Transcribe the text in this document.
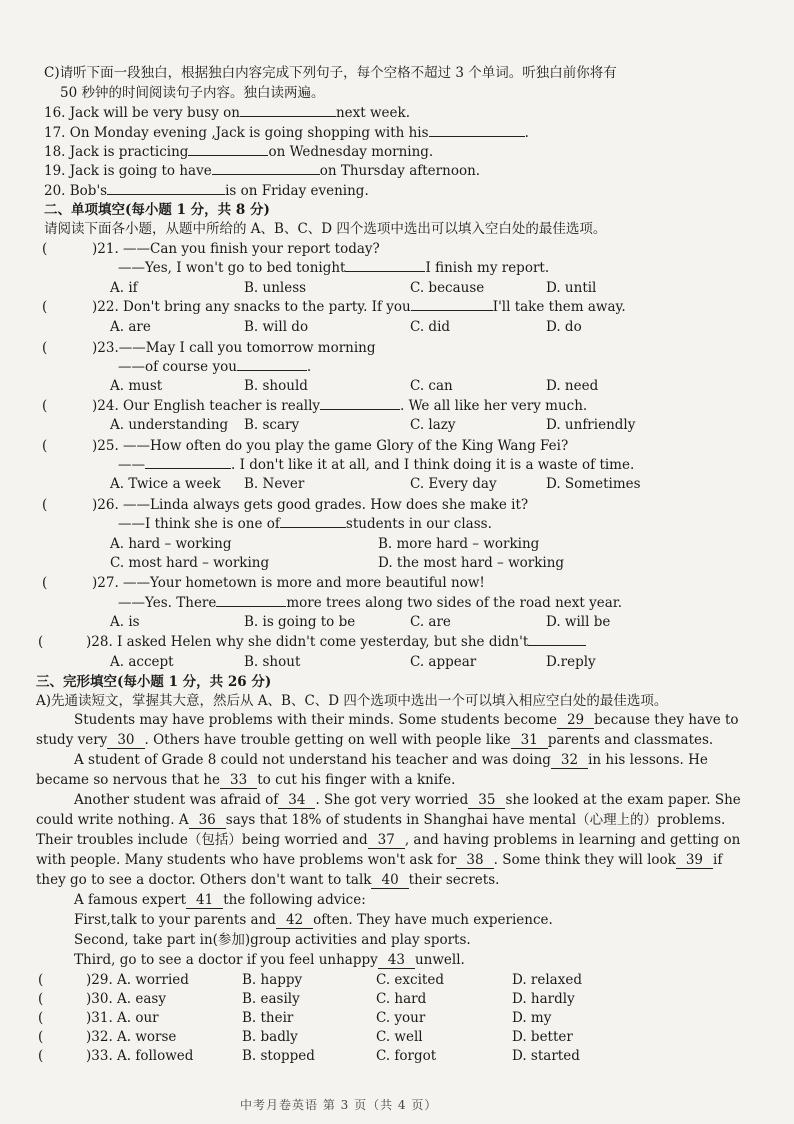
C)请听下面一段独白，根据独白内容完成下列句子，每个空格不超过 3 个单词。听独白前你将有
50 秒钟的时间阅读句子内容。独白读两遍。
16. Jack will be very busy on	next week.
17. On Monday evening ,Jack is going shopping with his	.
18. Jack is practicing	on Wednesday morning.
19. Jack is going to have	on Thursday afternoon.
20. Bob's	is on Friday evening.
二、单项填空(每小题 1 分，共 8 分)
请阅读下面各小题，从题中所给的 A、B、C、D 四个选项中选出可以填入空白处的最佳选项。
(	)21. ——Can you finish your report today?
——Yes, I won't go to bed tonight	I finish my report.
A. if	B. unless	C. because	D. until
(	)22. Don't bring any snacks to the party. If you	I'll take them away.
A. are	B. will do	C. did	D. do
(	)23.——May I call you tomorrow morning
——of course you	.
A. must	B. should	C. can	D. need
(	)24. Our English teacher is really	. We all like her very much.
A. understanding B. scary	C. lazy	D. unfriendly
(	)25. ——How often do you play the game Glory of the King Wang Fei?
——	. I don't like it at all, and I think doing it is a waste of time.
A. Twice a week B. Never	C. Every day	D. Sometimes
(	)26. ——Linda always gets good grades. How does she make it?
——I think she is one of	students in our class.
A. hard – working	B. more hard – working
C. most hard – working	D. the most hard – working
(	)27. ——Your hometown is more and more beautiful now!
——Yes. There	more trees along two sides of the road next year.
A. is	B. is going to be	C. are	D. will be
(	)28. I asked Helen why she didn't come yesterday, but she didn't
A. accept	B. shout	C. appear	D.reply
三、完形填空(每小题 1 分，共 26 分)
A)先通读短文，掌握其大意，然后从 A、B、C、D 四个选项中选出一个可以填入相应空白处的最佳选项。
Students may have problems with their minds. Some students become 29 because they have to
study very 30 . Others have trouble getting on well with people like 31 parents and classmates.
A student of Grade 8 could not understand his teacher and was doing 32 in his lessons. He
became so nervous that he 33 to cut his finger with a knife.
Another student was afraid of 34 . She got very worried 35 she looked at the exam paper. She
could write nothing. A 36 says that 18% of students in Shanghai have mental（心理上的）problems.
Their troubles include（包括）being worried and 37 , and having problems in learning and getting on
with people. Many students who have problems won't ask for 38 . Some think they will look 39 if
they go to see a doctor. Others don't want to talk 40 their secrets.
A famous expert 41 the following advice:
First,talk to your parents and 42 often. They have much experience.
Second, take part in(参加)group activities and play sports.
Third, go to see a doctor if you feel unhappy 43 unwell.
(	)29. A. worried	B. happy	C. excited	D. relaxed
(	)30. A. easy	B. easily	C. hard	D. hardly
(	)31. A. our	B. their	C. your	D. my
(	)32. A. worse	B. badly	C. well	D. better
(	)33. A. followed	B. stopped	C. forgot	D. started
中考月卷英语 第 3 页（共 4 页）
